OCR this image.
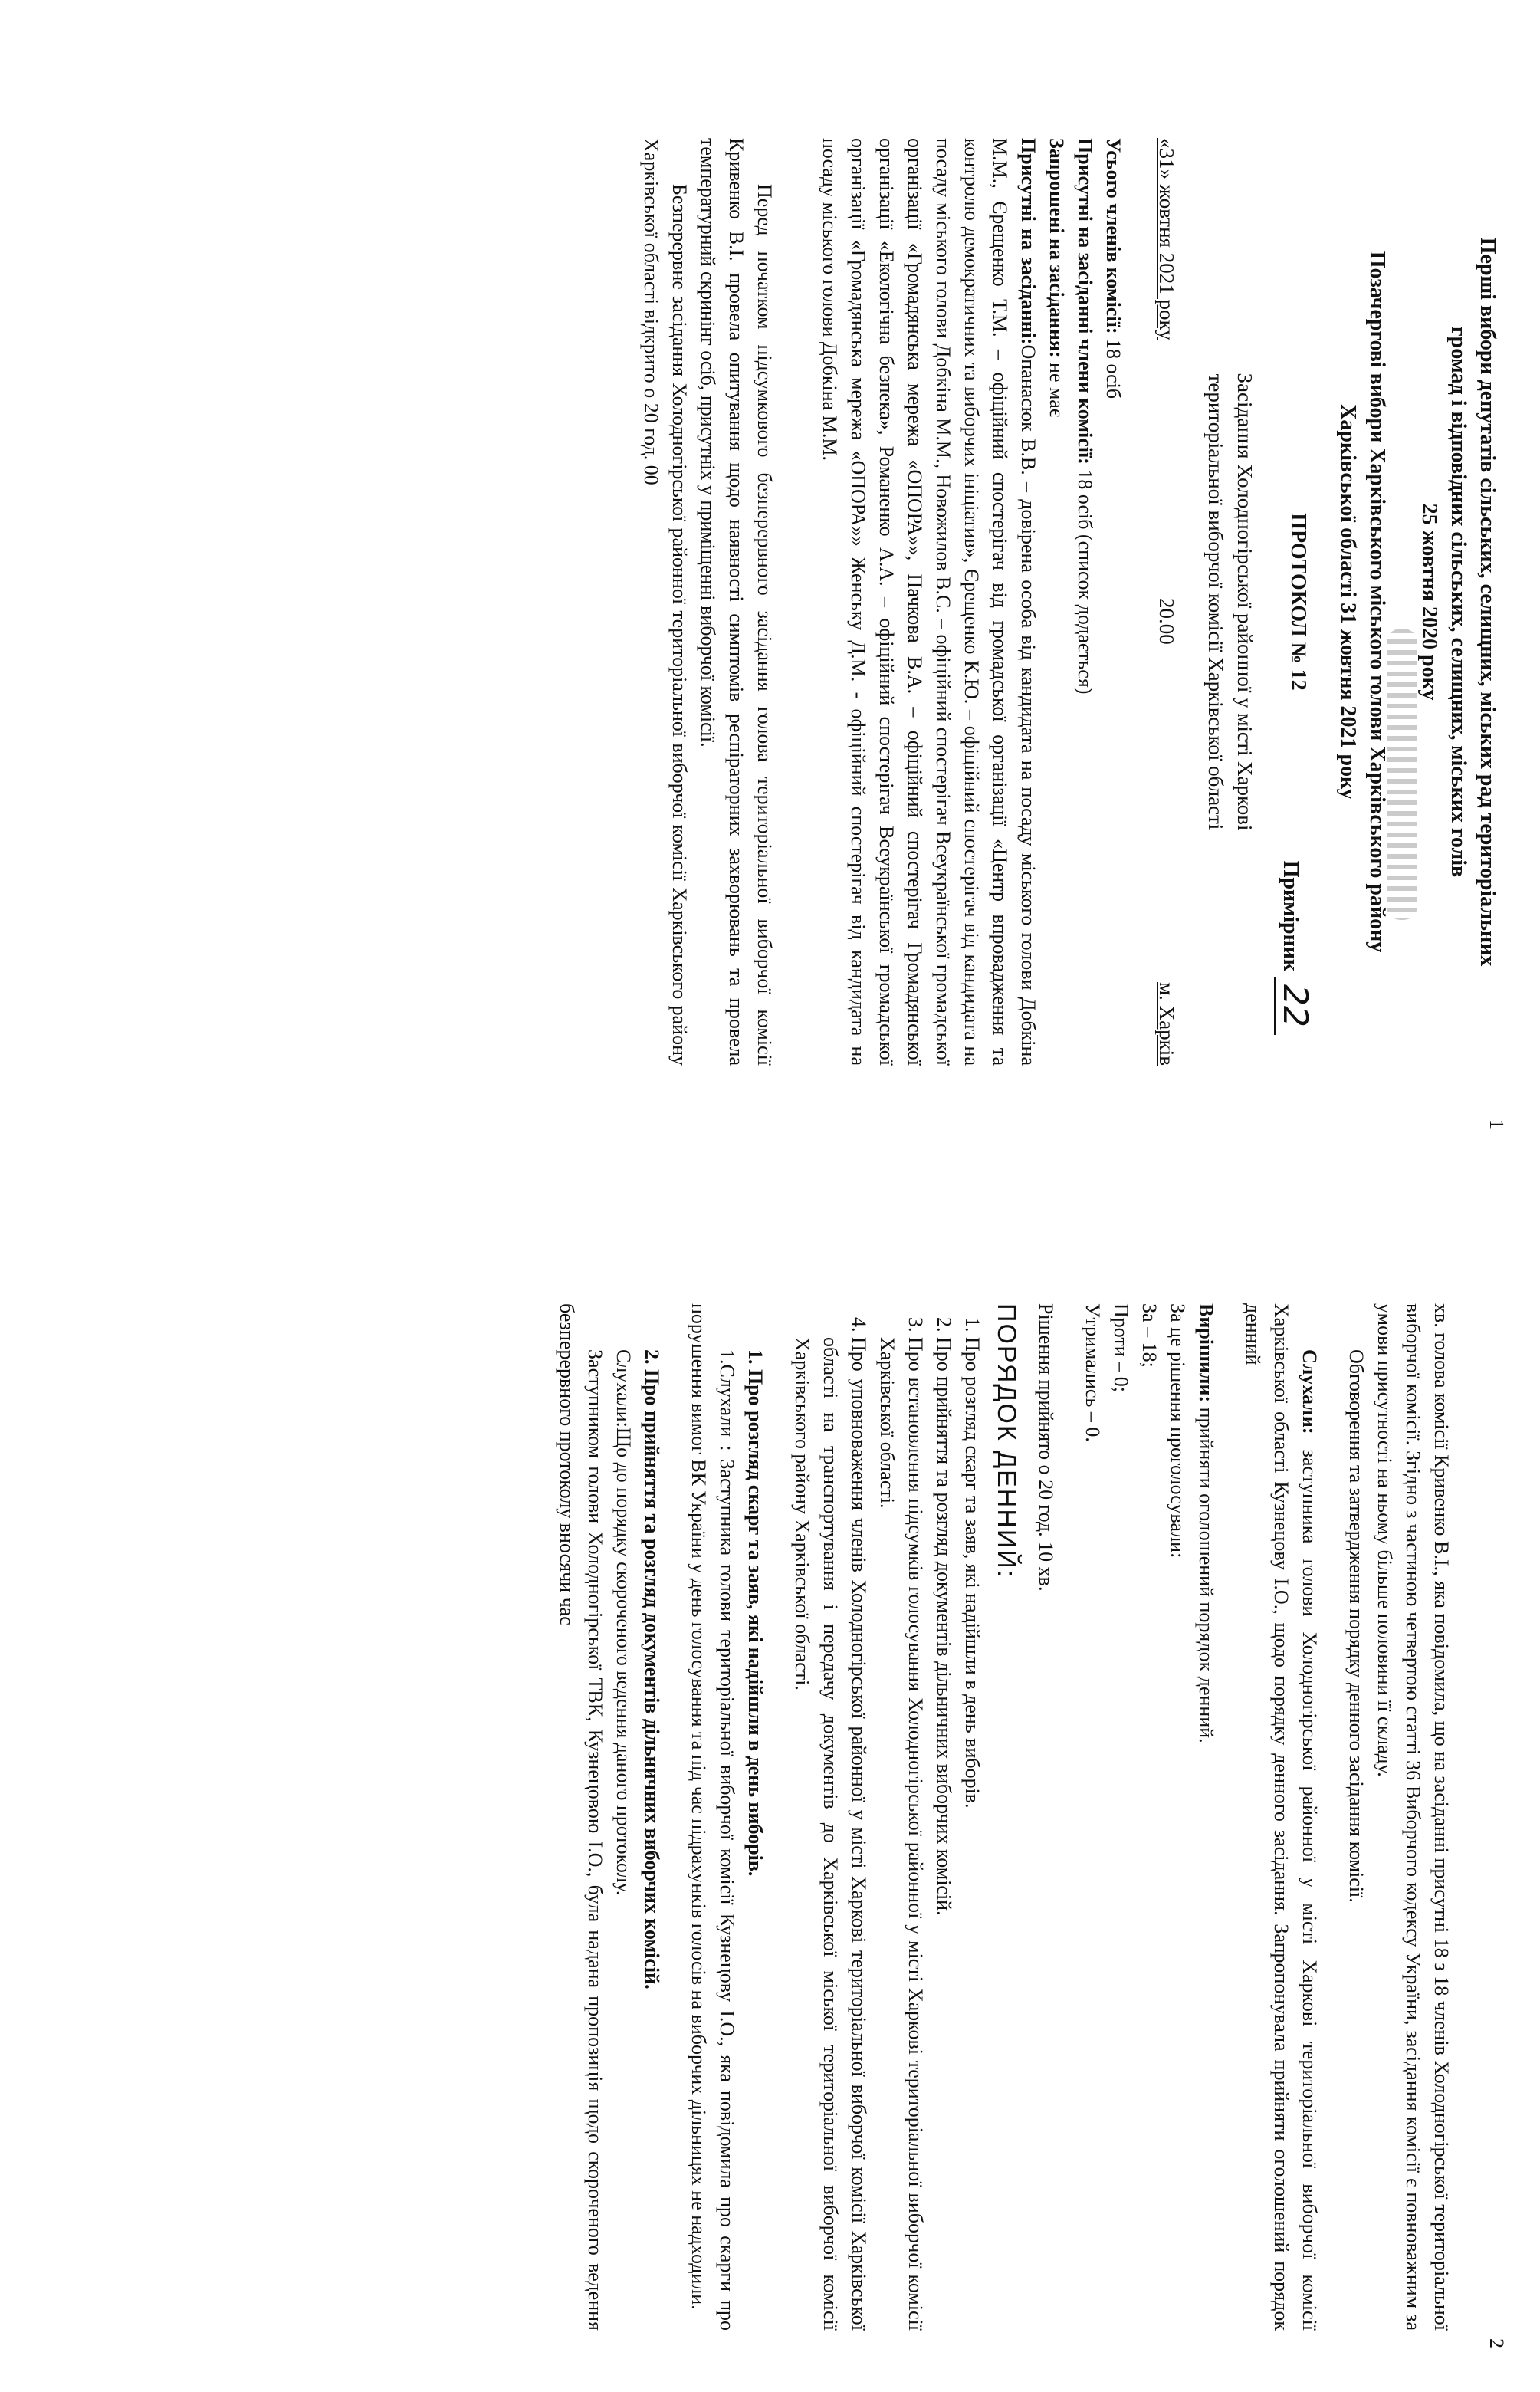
1
Перші вибори депутатів сільських, селищних, міських рад територіальних
громад і відповідних сільських, селищних, міських голів
25 жовтня 2020 року
Позачергові вибори Харківського міського голови Харківського району
Харківської області 31 жовтня 2021 року
ПРОТОКОЛ № 12
Примірник 22
Засідання Холодногірської районної у місті Харкові
територіальної виборчої комісії Харківської області
«31» жовтня 2021 року
20.00
м. Харків

Усього членів комісії: 18 осіб

Присутні на засіданні члени комісії: 18 осіб (список додається)

Запрошені на засідання: не має

Присутні на засіданні:Опанасюк В.В. – довірена особа від кандидата на посаду міського голови Добкіна М.М., Єрещенко Т.М. – офіційний спостерігач від громадської організації «Центр впровадження та контролю демократичних та виборчих ініціатив», Єрещенко К.Ю. – офіційний спостерігач від кандидата на посаду міського голови Добкіна М.М., Новожилов В.С. – офіційний спостерігач Всеукраїнської громадської організації «Громадянська мережа «ОПОРА»», Пачкова В.А. – офіційний спостерігач Громадянської організації «Екологічна безпека», Романенко А.А. – офіційний спостерігач Всеукраїнської громадської організації «Громадянська мережа «ОПОРА»» Женську Д.М. - офіційний спостерігач від кандидата на посаду міського голови Добкіна М.М.

Перед початком підсумкового безперервного засідання голова територіальної виборчої комісії Кривенко В.І. провела опитування щодо наявності симптомів респіраторних захворювань та провела температурний скринінг осіб, присутніх у приміщенні виборчої комісії.

Безперервне засідання Холодногірської районної територіальної виборчої комісії Харківського району Харківської області відкрито о 20 год. 00

2

хв. голова комісії Кривенко В.І., яка повідомила, що на засіданні присутні 18 з 18 членів Холодногірської територіальної виборчої комісії. Згідно з частиною четвертою статті 36 Виборчого кодексу України, засідання комісії є повноважним за умови присутності на ньому більше половини її складу.

Обговорення та затвердження порядку денного засідання комісії.

Слухали: заступника голови Холодногірської районної у місті Харкові територіальної виборчої комісії Харківської області Кузнецову І.О., щодо порядку денного засідання. Запропонувала прийняти оголошений порядок денний

Вирішили: прийняти оголошений порядок денний.

За це рішення проголосували:

За – 18;

Проти – 0;

Утримались – 0.

Рішення прийнято о 20 год. 10 хв.

ПОРЯДОК ДЕННИЙ:
1. Про розгляд скарг та заяв, які надійшли в день виборів.
2. Про прийняття та розгляд документів дільничних виборчих комісій.
3. Про встановлення підсумків голосування Холодногірської районної у місті Харкові територіальної виборчої комісії Харківської області.
4. Про уповноваження членів Холодногірської районної у місті Харкові територіальної виборчої комісії Харківської області на транспортування і передачу документів до Харківської міської територіальної виборчої комісії Харківського району Харківської області.

1. Про розгляд скарг та заяв, які надійшли в день виборів.

1.Слухали : Заступника голови територіальної виборчої комісії Кузнецову І.О., яка повідомила про скарги про порушення вимог ВК України у день голосування та під час підрахунків голосів на виборчих дільницях не надходили.

2. Про прийняття та розгляд документів дільничних виборчих комісій.

Слухали:Що до порядку скороченого ведення даного протоколу.

Заступником голови Холодногірської ТВК, Кузнецовою І.О., була надана пропозиція щодо скороченого ведення безперервного протоколу вносячи час
